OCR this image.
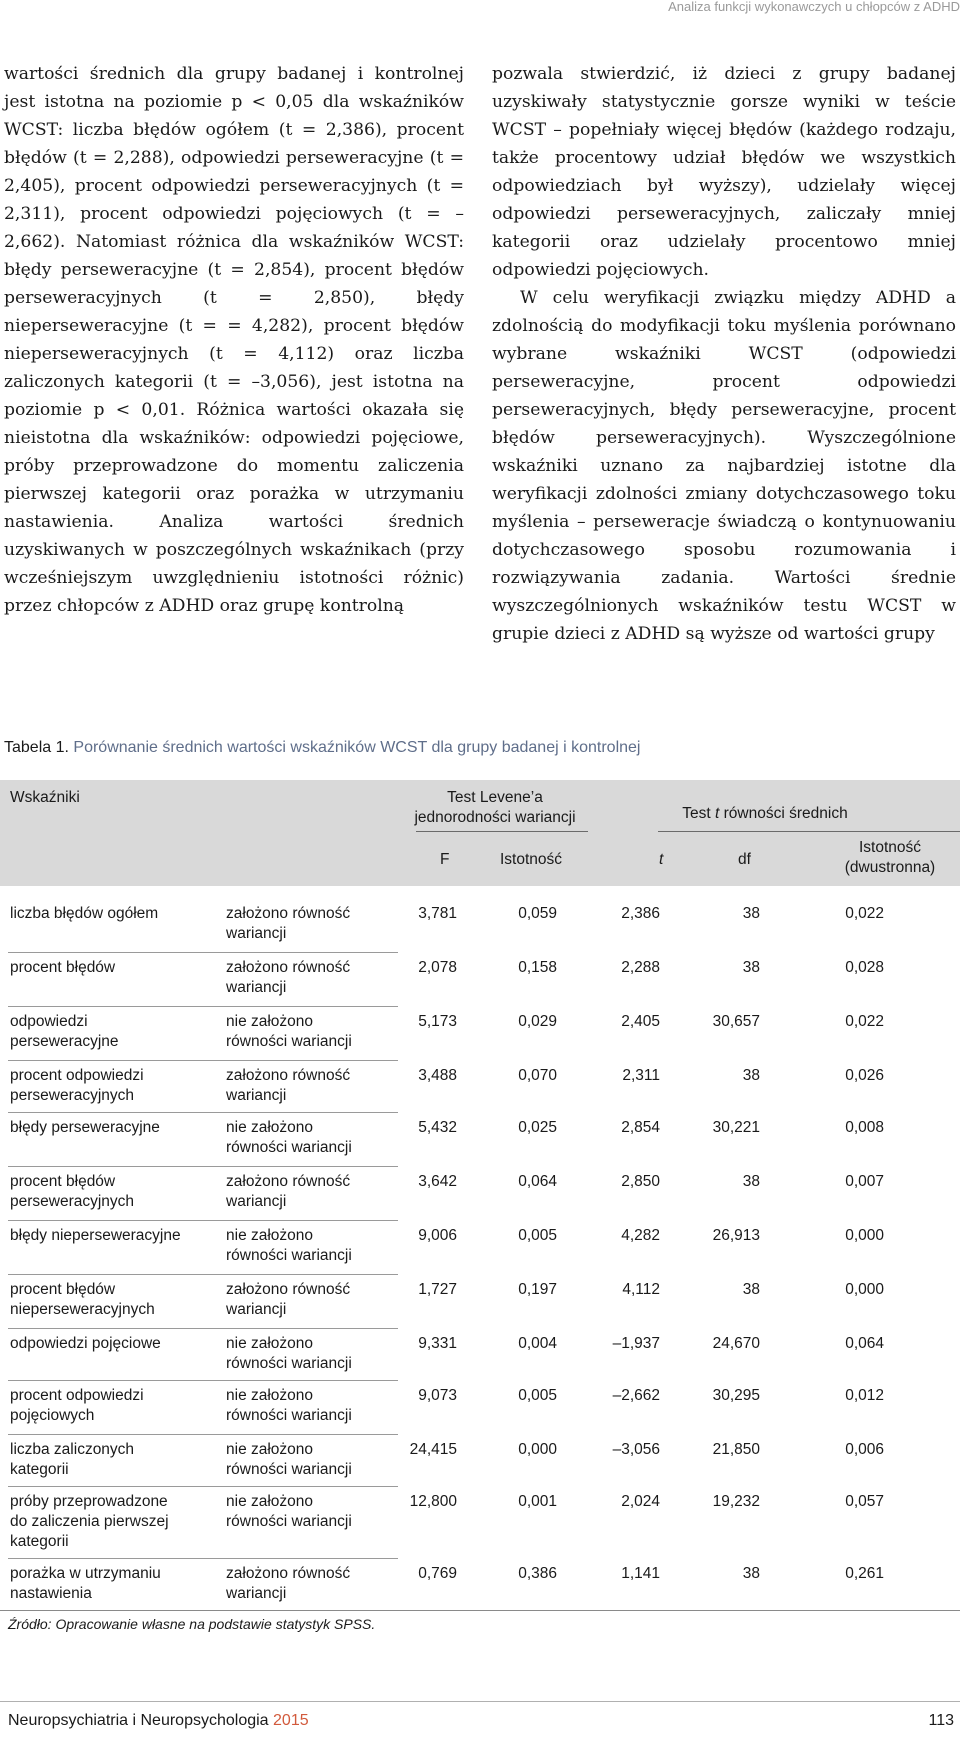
Analiza funkcji wykonawczych u chłopców z ADHD

wartości średnich dla grupy badanej i kontrolnej jest istotna na poziomie p < 0,05 dla wskaźników WCST: liczba błędów ogółem (t = 2,386), procent błędów (t = 2,288), odpowiedzi perseweracyjne (t = 2,405), procent odpowiedzi perseweracyjnych (t = 2,311), procent odpowiedzi pojęciowych (t = –2,662). Natomiast różnica dla wskaźników WCST: błędy perseweracyjne (t = 2,854), procent błędów perseweracyjnych (t = 2,850), błędy nieperseweracyjne (t = = 4,282), procent błędów nieperseweracyjnych (t = 4,112) oraz liczba zaliczonych kategorii (t = –3,056), jest istotna na poziomie p < 0,01. Różnica wartości okazała się nieistotna dla wskaźników: odpowiedzi pojęciowe, próby przeprowadzone do momentu zaliczenia pierwszej kategorii oraz porażka w utrzymaniu nastawienia. Analiza wartości średnich uzyskiwanych w poszczególnych wskaźnikach (przy wcześniejszym uwzględnieniu istotności różnic) przez chłopców z ADHD oraz grupę kontrolną

pozwala stwierdzić, iż dzieci z grupy badanej uzyskiwały statystycznie gorsze wyniki w teście WCST – popełniały więcej błędów (każdego rodzaju, także procentowy udział błędów we wszystkich odpowiedziach był wyższy), udzielały więcej odpowiedzi perseweracyjnych, zaliczały mniej kategorii oraz udzielały procentowo mniej odpowiedzi pojęciowych.

W celu weryfikacji związku między ADHD a zdolnością do modyfikacji toku myślenia porównano wybrane wskaźniki WCST (odpowiedzi perseweracyjne, procent odpowiedzi perseweracyjnych, błędy perseweracyjne, procent błędów perseweracyjnych). Wyszczególnione wskaźniki uznano za najbardziej istotne dla weryfikacji zdolności zmiany dotychczasowego toku myślenia – perseweracje świadczą o kontynuowaniu dotychczasowego sposobu rozumowania i rozwiązywania zadania. Wartości średnie wyszczególnionych wskaźników testu WCST w grupie dzieci z ADHD są wyższe od wartości grupy

Tabela 1. Porównanie średnich wartości wskaźników WCST dla grupy badanej i kontrolnej
Wskaźniki	Test Levene’a
jednorodności wariancji	Test t równości średnich
F	Istotność	t	df
Istotność
(dwustronna)
liczba błędów ogółem	założono równość
wariancji
3,781	0,059	2,386	38	0,022
procent błędów	założono równość
wariancji
2,078	0,158	2,288	38	0,028
odpowiedzi
perseweracyjne
nie założono
równości wariancji
5,173	0,029	2,405	30,657	0,022
procent odpowiedzi
perseweracyjnych
założono równość
wariancji
3,488	0,070	2,311	38	0,026
błędy perseweracyjne	nie założono
równości wariancji
5,432	0,025	2,854	30,221	0,008
procent błędów
perseweracyjnych
założono równość
wariancji
3,642	0,064	2,850	38	0,007
błędy nieperseweracyjne	nie założono
równości wariancji
9,006	0,005	4,282	26,913	0,000
procent błędów
nieperseweracyjnych
założono równość
wariancji
1,727	0,197	4,112	38	0,000
odpowiedzi pojęciowe	nie założono
równości wariancji
9,331	0,004	–1,937	24,670	0,064
procent odpowiedzi
pojęciowych
nie założono
równości wariancji
9,073	0,005	–2,662	30,295	0,012
liczba zaliczonych
kategorii
nie założono
równości wariancji
24,415	0,000	–3,056	21,850	0,006
próby przeprowadzone
do zaliczenia pierwszej
kategorii
nie założono
równości wariancji
12,800	0,001	2,024	19,232	0,057
porażka w utrzymaniu
nastawienia
założono równość
wariancji
0,769	0,386	1,141	38	0,261
Źródło: Opracowanie własne na podstawie statystyk SPSS.
Neuropsychiatria i Neuropsychologia 2015	113
